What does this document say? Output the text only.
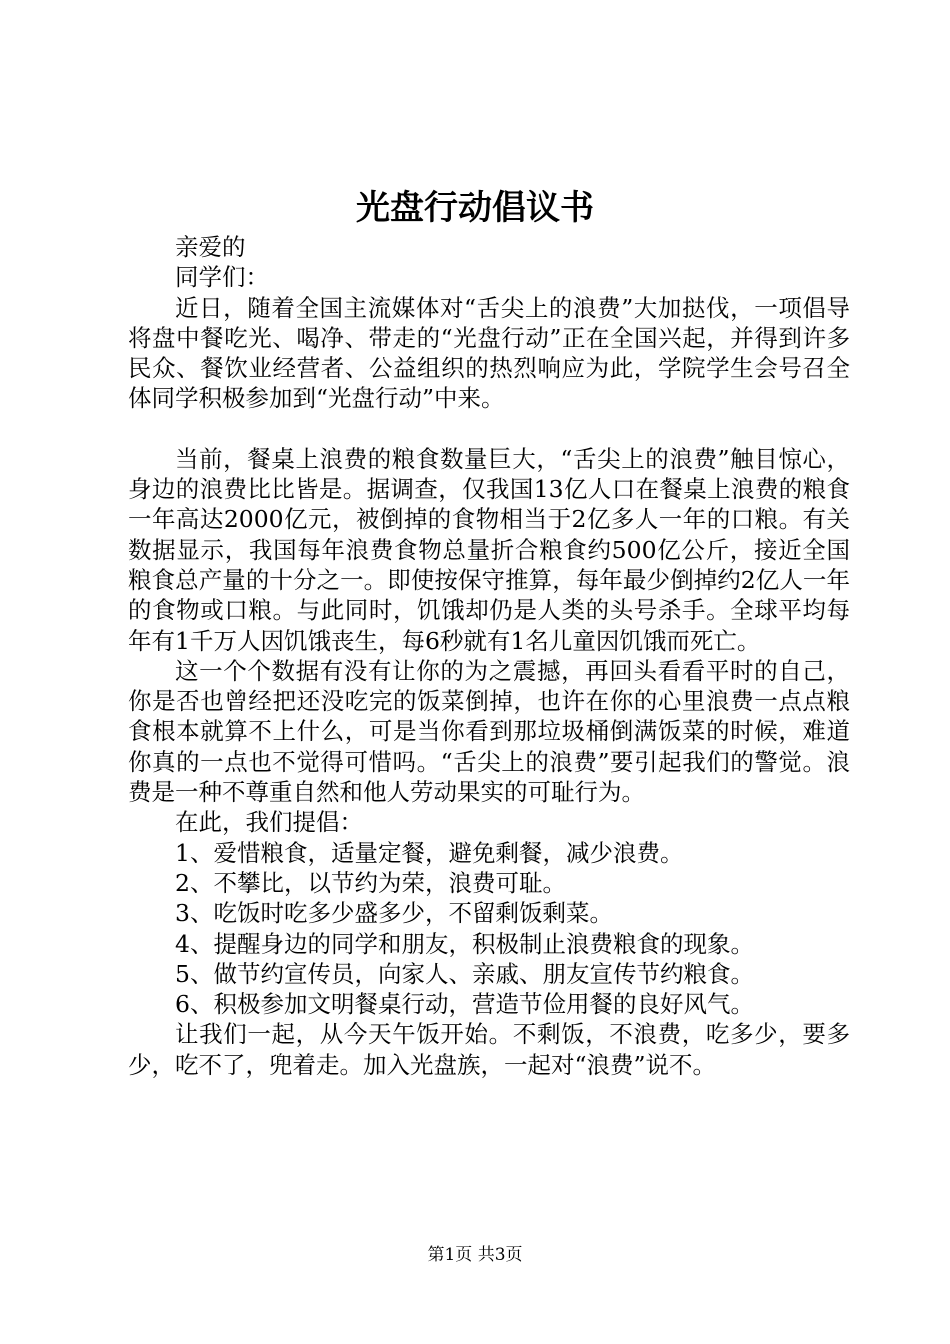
光盘行动倡议书

亲爱的

同学们：

近日，随着全国主流媒体对“舌尖上的浪费”大加挞伐，一项倡导将盘中餐吃光、喝净、带走的“光盘行动”正在全国兴起，并得到许多民众、餐饮业经营者、公益组织的热烈响应为此，学院学生会号召全体同学积极参加到“光盘行动”中来。

当前，餐桌上浪费的粮食数量巨大，“舌尖上的浪费”触目惊心，身边的浪费比比皆是。据调查，仅我国13亿人口在餐桌上浪费的粮食一年高达2000亿元，被倒掉的食物相当于2亿多人一年的口粮。有关数据显示，我国每年浪费食物总量折合粮食约500亿公斤，接近全国粮食总产量的十分之一。即使按保守推算，每年最少倒掉约2亿人一年的食物或口粮。与此同时，饥饿却仍是人类的头号杀手。全球平均每年有1千万人因饥饿丧生，每6秒就有1名儿童因饥饿而死亡。

这一个个数据有没有让你的为之震撼，再回头看看平时的自己，你是否也曾经把还没吃完的饭菜倒掉，也许在你的心里浪费一点点粮食根本就算不上什么，可是当你看到那垃圾桶倒满饭菜的时候，难道你真的一点也不觉得可惜吗。“舌尖上的浪费”要引起我们的警觉。浪费是一种不尊重自然和他人劳动果实的可耻行为。

在此，我们提倡：

1、爱惜粮食，适量定餐，避免剩餐，减少浪费。

2、不攀比，以节约为荣，浪费可耻。

3、吃饭时吃多少盛多少，不留剩饭剩菜。

4、提醒身边的同学和朋友，积极制止浪费粮食的现象。

5、做节约宣传员，向家人、亲戚、朋友宣传节约粮食。

6、积极参加文明餐桌行动，营造节俭用餐的良好风气。

让我们一起，从今天午饭开始。不剩饭，不浪费，吃多少，要多少，吃不了，兜着走。加入光盘族，一起对“浪费”说不。

第1页 共3页
